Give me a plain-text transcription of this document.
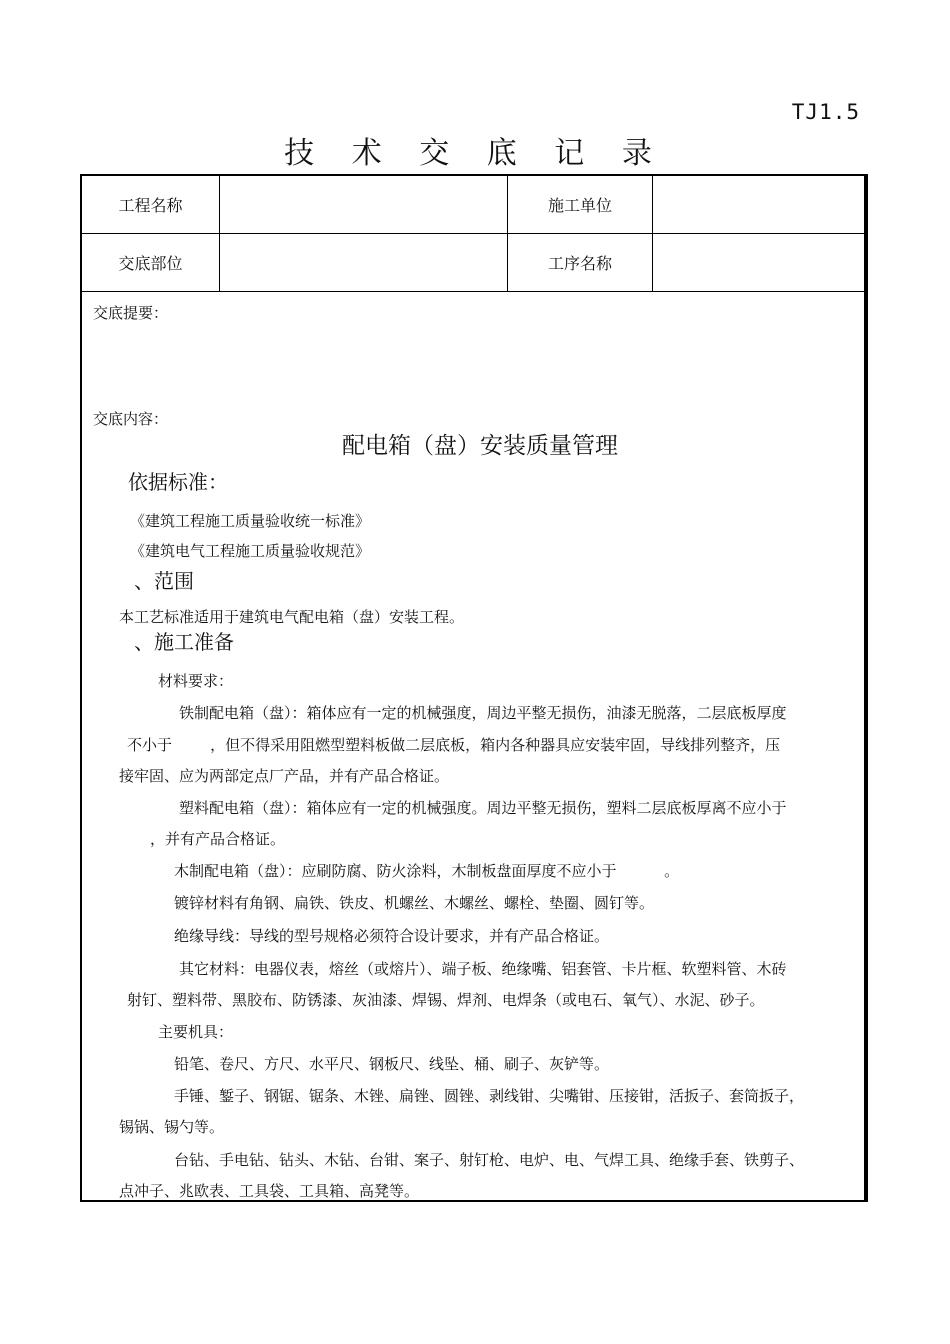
TJ1.5
技 术 交 底 记 录
工程名称	施工单位
交底部位	工序名称
交底提要：
交底内容：
配电箱（盘）安装质量管理
依据标准：
《建筑工程施工质量验收统一标准》
《建筑电气工程施工质量验收规范》
、范围
本工艺标准适用于建筑电气配电箱（盘）安装工程。
、施工准备
材料要求：
铁制配电箱（盘）：箱体应有一定的机械强度，周边平整无损伤，油漆无脱落，二层底板厚度
不小于        ，但不得采用阻燃型塑料板做二层底板，箱内各种器具应安装牢固，导线排列整齐，压
接牢固、应为两部定点厂产品，并有产品合格证。
塑料配电箱（盘）：箱体应有一定的机械强度。周边平整无损伤，塑料二层底板厚离不应小于
，并有产品合格证。
木制配电箱（盘）：应刷防腐、防火涂料，木制板盘面厚度不应小于          。
镀锌材料有角钢、扁铁、铁皮、机螺丝、木螺丝、螺栓、垫圈、圆钉等。
绝缘导线：导线的型号规格必须符合设计要求，并有产品合格证。
其它材料：电器仪表，熔丝（或熔片）、端子板、绝缘嘴、铝套管、卡片框、软塑料管、木砖
射钉、塑料带、黑胶布、防锈漆、灰油漆、焊锡、焊剂、电焊条（或电石、氧气）、水泥、砂子。
主要机具：
铅笔、卷尺、方尺、水平尺、钢板尺、线坠、桶、刷子、灰铲等。
手锤、錾子、钢锯、锯条、木锉、扁锉、圆锉、剥线钳、尖嘴钳、压接钳，活扳子、套筒扳子，
锡锅、锡勺等。
台钻、手电钻、钻头、木钻、台钳、案子、射钉枪、电炉、电、气焊工具、绝缘手套、铁剪子、
点冲子、兆欧表、工具袋、工具箱、高凳等。
